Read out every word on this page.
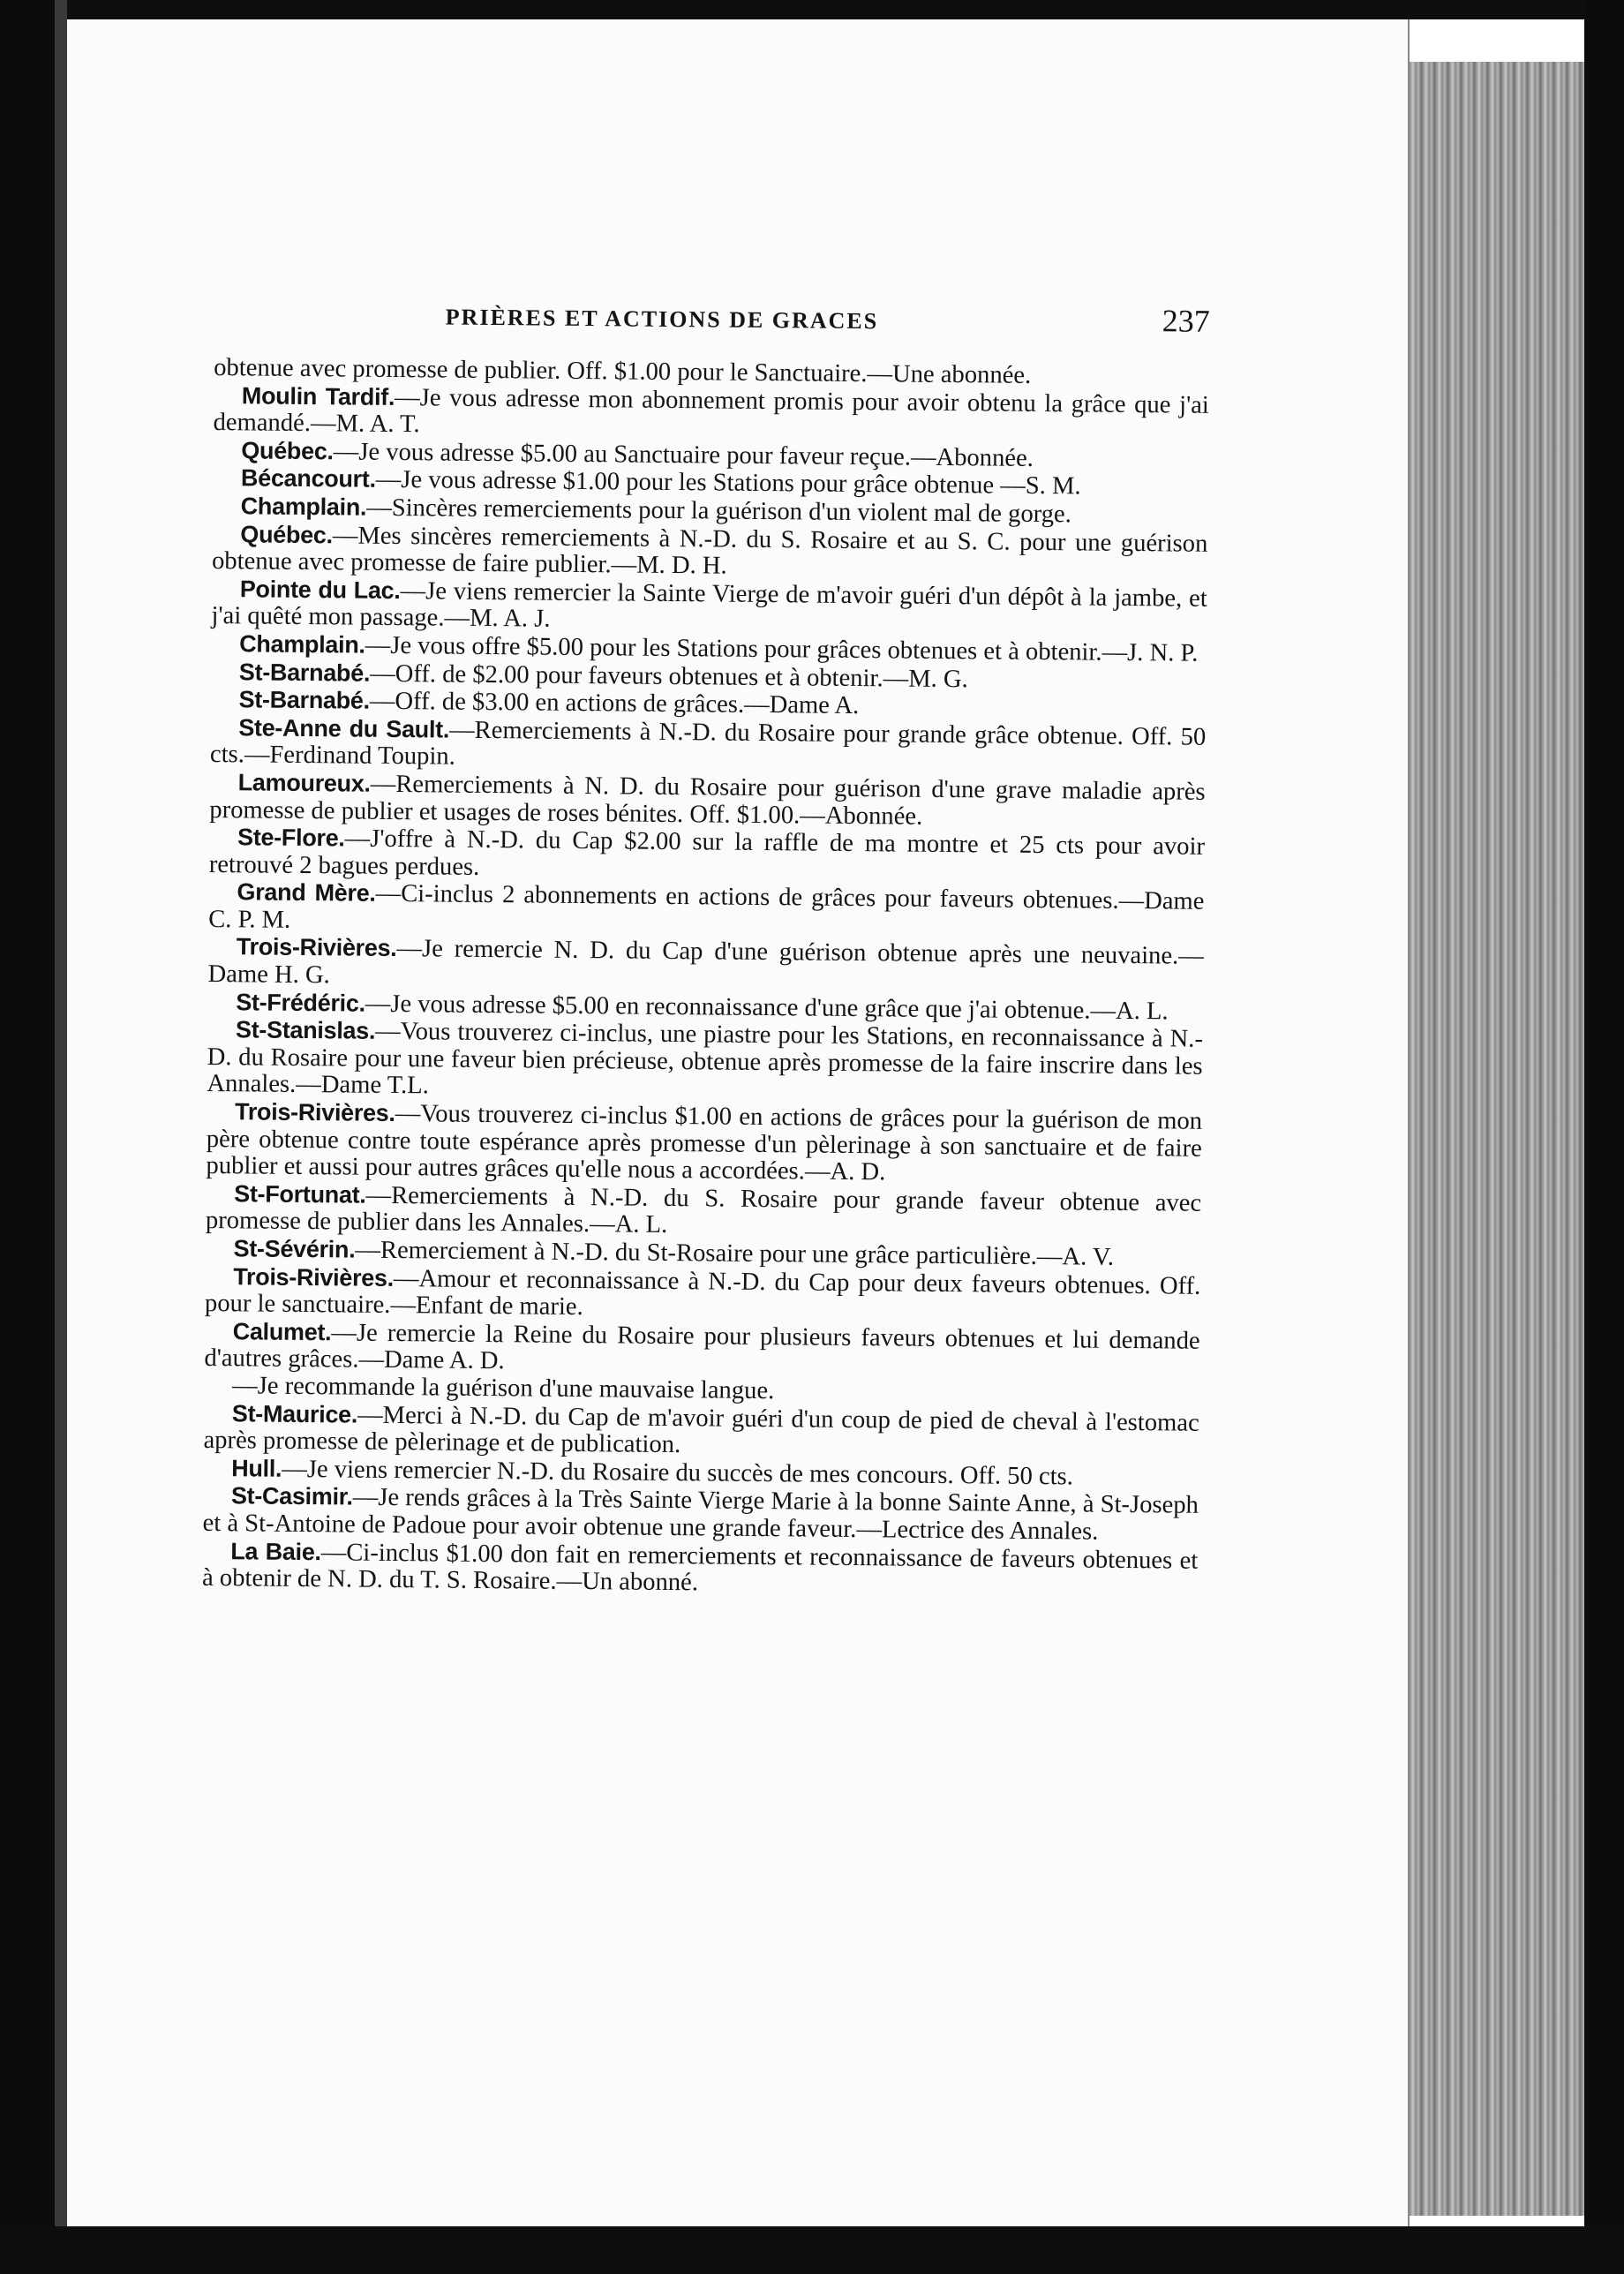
PRIÈRES ET ACTIONS DE GRACES	237

obtenue avec promesse de publier. Off. $1.00 pour le Sanctuaire.—Une abonnée.

Moulin Tardif.—Je vous adresse mon abonnement promis pour avoir obtenu la grâce que j'ai demandé.—M. A. T.

Québec.—Je vous adresse $5.00 au Sanctuaire pour faveur reçue.—Abonnée.

Bécancourt.—Je vous adresse $1.00 pour les Stations pour grâce obtenue —S. M.

Champlain.—Sincères remerciements pour la guérison d'un violent mal de gorge.

Québec.—Mes sincères remerciements à N.-D. du S. Rosaire et au S. C. pour une guérison obtenue avec promesse de faire publier.—M. D. H.

Pointe du Lac.—Je viens remercier la Sainte Vierge de m'avoir guéri d'un dépôt à la jambe, et j'ai quêté mon passage.—M. A. J.

Champlain.—Je vous offre $5.00 pour les Stations pour grâces obtenues et à obtenir.—J. N. P.

St-Barnabé.—Off. de $2.00 pour faveurs obtenues et à obtenir.—M. G.

St-Barnabé.—Off. de $3.00 en actions de grâces.—Dame A.

Ste-Anne du Sault.—Remerciements à N.-D. du Rosaire pour grande grâce obtenue. Off. 50 cts.—Ferdinand Toupin.

Lamoureux.—Remerciements à N. D. du Rosaire pour guérison d'une grave maladie après promesse de publier et usages de roses bénites. Off. $1.00.—Abonnée.

Ste-Flore.—J'offre à N.-D. du Cap $2.00 sur la raffle de ma montre et 25 cts pour avoir retrouvé 2 bagues perdues.

Grand Mère.—Ci-inclus 2 abonnements en actions de grâces pour faveurs obtenues.—Dame C. P. M.

Trois-Rivières.—Je remercie N. D. du Cap d'une guérison obtenue après une neuvaine.—Dame H. G.

St-Frédéric.—Je vous adresse $5.00 en reconnaissance d'une grâce que j'ai obtenue.—A. L.

St-Stanislas.—Vous trouverez ci-inclus, une piastre pour les Stations, en reconnaissance à N.-D. du Rosaire pour une faveur bien précieuse, obtenue après promesse de la faire inscrire dans les Annales.—Dame T.L.

Trois-Rivières.—Vous trouverez ci-inclus $1.00 en actions de grâces pour la guérison de mon père obtenue contre toute espérance après promesse d'un pèlerinage à son sanctuaire et de faire publier et aussi pour autres grâces qu'elle nous a accordées.—A. D.

St-Fortunat.—Remerciements à N.-D. du S. Rosaire pour grande faveur obtenue avec promesse de publier dans les Annales.—A. L.

St-Sévérin.—Remerciement à N.-D. du St-Rosaire pour une grâce particulière.—A. V.

Trois-Rivières.—Amour et reconnaissance à N.-D. du Cap pour deux faveurs obtenues. Off. pour le sanctuaire.—Enfant de marie.

Calumet.—Je remercie la Reine du Rosaire pour plusieurs faveurs obtenues et lui demande d'autres grâces.—Dame A. D.

—Je recommande la guérison d'une mauvaise langue.

St-Maurice.—Merci à N.-D. du Cap de m'avoir guéri d'un coup de pied de cheval à l'estomac après promesse de pèlerinage et de publication.

Hull.—Je viens remercier N.-D. du Rosaire du succès de mes concours. Off. 50 cts.

St-Casimir.—Je rends grâces à la Très Sainte Vierge Marie à la bonne Sainte Anne, à St-Joseph et à St-Antoine de Padoue pour avoir obtenue une grande faveur.—Lectrice des Annales.

La Baie.—Ci-inclus $1.00 don fait en remerciements et reconnaissance de faveurs obtenues et à obtenir de N. D. du T. S. Rosaire.—Un abonné.
